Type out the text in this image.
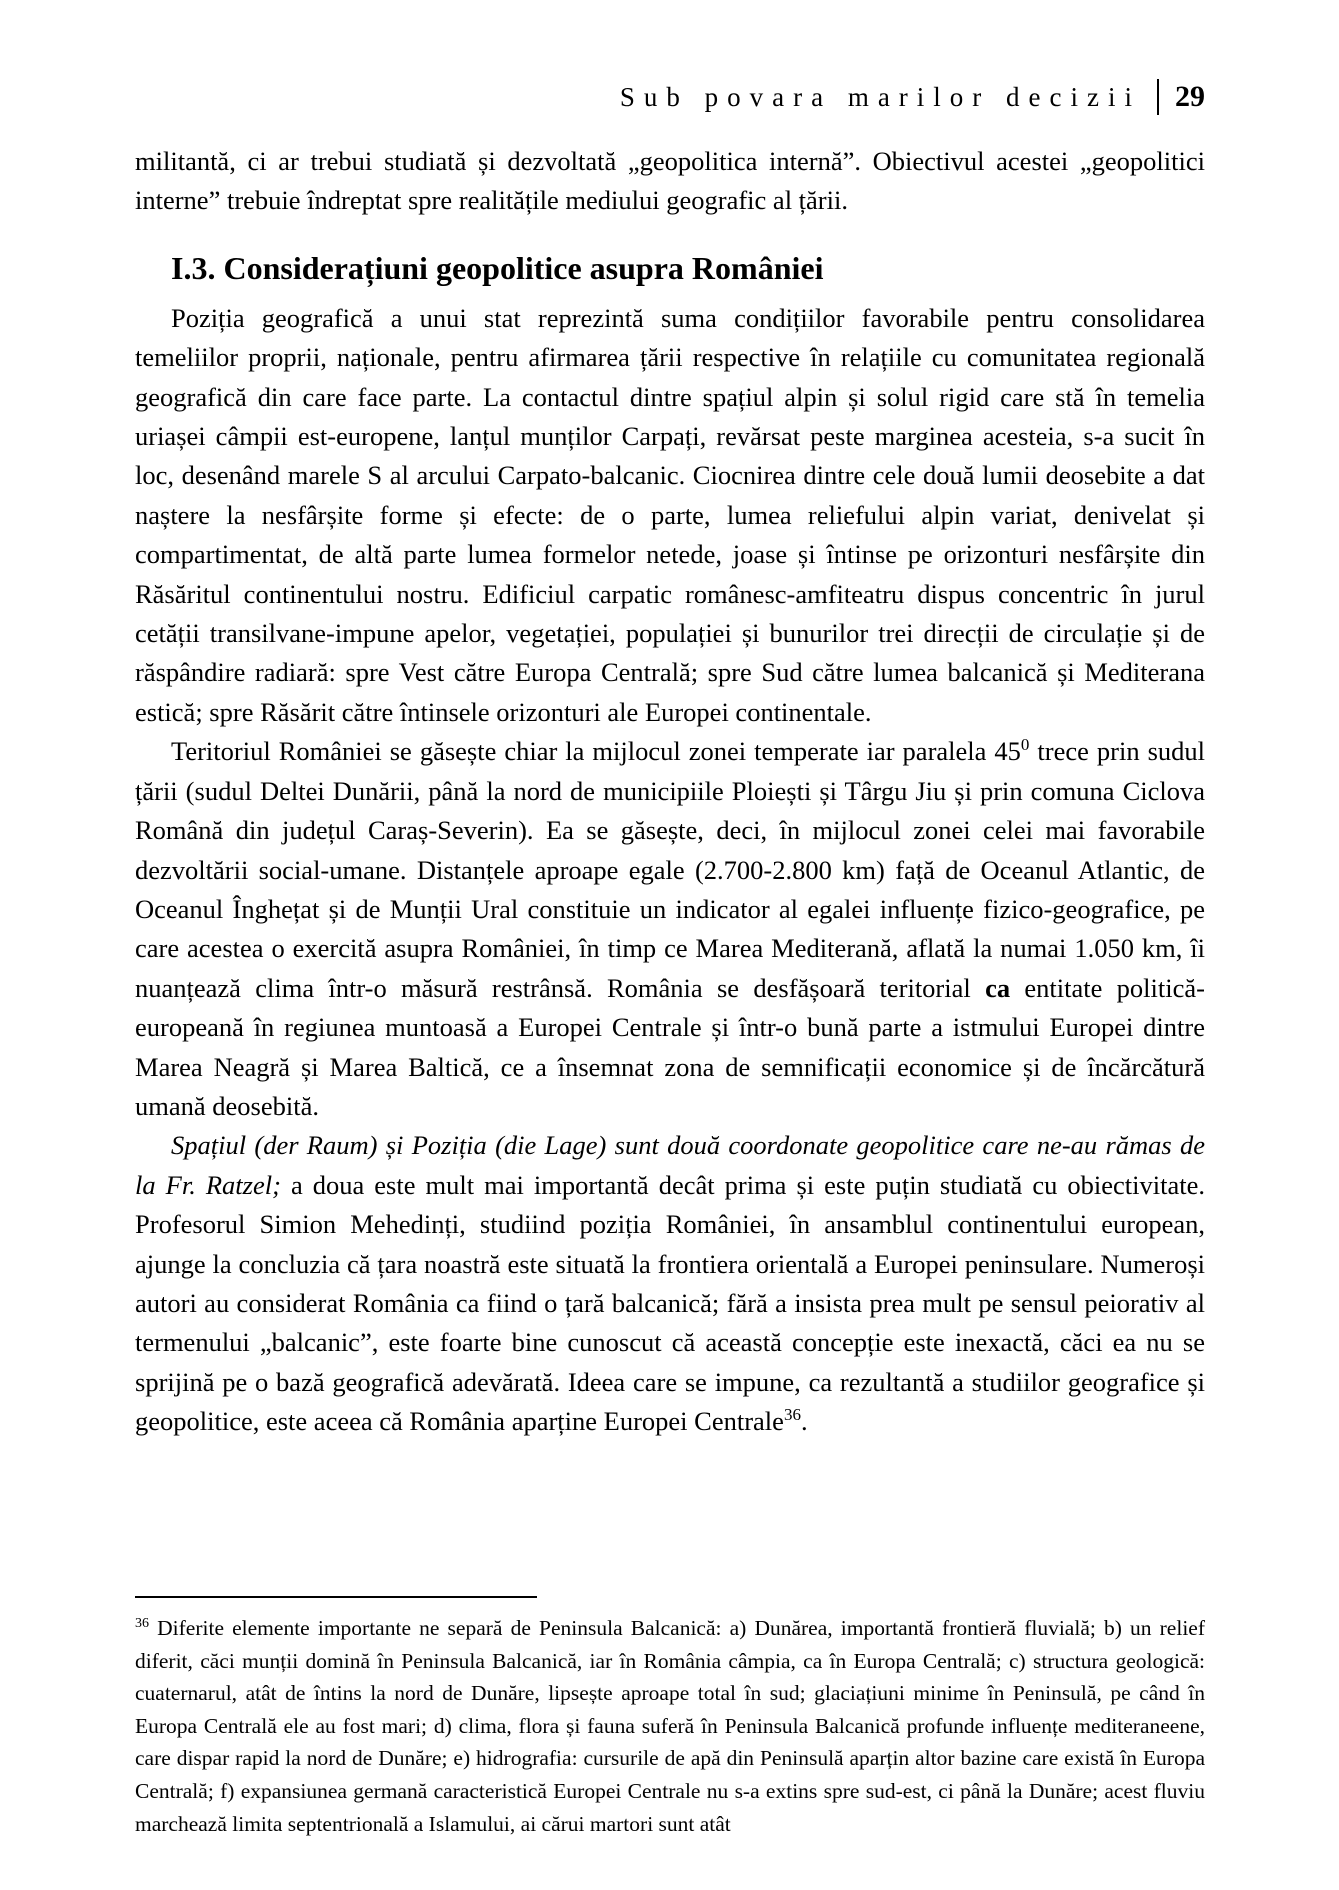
Sub povara marilor decizii 29

militantă, ci ar trebui studiată și dezvoltată „geopolitica internă”. Obiectivul acestei „geopolitici interne” trebuie îndreptat spre realitățile mediului geografic al țării.

I.3. Considerațiuni geopolitice asupra României

Poziția geografică a unui stat reprezintă suma condițiilor favorabile pentru consolidarea temeliilor proprii, naționale, pentru afirmarea țării respective în relațiile cu comunitatea regională geografică din care face parte. La contactul dintre spațiul alpin și solul rigid care stă în temelia uriașei câmpii est-europene, lanțul munților Carpați, revărsat peste marginea acesteia, s-a sucit în loc, desenând marele S al arcului Carpato-balcanic. Ciocnirea dintre cele două lumii deosebite a dat naștere la nesfârșite forme și efecte: de o parte, lumea reliefului alpin variat, denivelat și compartimentat, de altă parte lumea formelor netede, joase și întinse pe orizonturi nesfârșite din Răsăritul continentului nostru. Edificiul carpatic românesc-amfiteatru dispus concentric în jurul cetății transilvane-impune apelor, vegetației, populației și bunurilor trei direcții de circulație și de răspândire radiară: spre Vest către Europa Centrală; spre Sud către lumea balcanică și Mediterana estică; spre Răsărit către întinsele orizonturi ale Europei continentale.

Teritoriul României se găsește chiar la mijlocul zonei temperate iar paralela $45^0$ trece prin sudul țării (sudul Deltei Dunării, până la nord de municipiile Ploiești și Târgu Jiu și prin comuna Ciclova Română din județul Caraș-Severin). Ea se găsește, deci, în mijlocul zonei celei mai favorabile dezvoltării social-umane. Distanțele aproape egale (2.700-2.800 km) față de Oceanul Atlantic, de Oceanul Înghețat și de Munții Ural constituie un indicator al egalei influențe fizico-geografice, pe care acestea o exercită asupra României, în timp ce Marea Mediterană, aflată la numai 1.050 km, îi nuanțează clima într-o măsură restrânsă. România se desfășoară teritorial ca entitate politică-europeană în regiunea muntoasă a Europei Centrale și într-o bună parte a istmului Europei dintre Marea Neagră și Marea Baltică, ce a însemnat zona de semnificații economice și de încărcătură umană deosebită.

Spațiul (der Raum) și Poziția (die Lage) sunt două coordonate geopolitice care ne-au rămas de la Fr. Ratzel; a doua este mult mai importantă decât prima și este puțin studiată cu obiectivitate. Profesorul Simion Mehedinți, studiind poziția României, în ansamblul continentului european, ajunge la concluzia că țara noastră este situată la frontiera orientală a Europei peninsulare. Numeroși autori au considerat România ca fiind o țară balcanică; fără a insista prea mult pe sensul peiorativ al termenului „balcanic”, este foarte bine cunoscut că această concepție este inexactă, căci ea nu se sprijină pe o bază geografică adevărată. Ideea care se impune, ca rezultantă a studiilor geografice și geopolitice, este aceea că România aparține Europei Centrale$^{36}$.

$^{36}$ Diferite elemente importante ne separă de Peninsula Balcanică: a) Dunărea, importantă frontieră fluvială; b) un relief diferit, căci munții domină în Peninsula Balcanică, iar în România câmpia, ca în Europa Centrală; c) structura geologică: cuaternarul, atât de întins la nord de Dunăre, lipsește aproape total în sud; glaciațiuni minime în Peninsulă, pe când în Europa Centrală ele au fost mari; d) clima, flora și fauna suferă în Peninsula Balcanică profunde influențe mediteraneene, care dispar rapid la nord de Dunăre; e) hidrografia: cursurile de apă din Peninsulă aparțin altor bazine care există în Europa Centrală; f) expansiunea germană caracteristică Europei Centrale nu s-a extins spre sud-est, ci până la Dunăre; acest fluviu marchează limita septentrională a Islamului, ai cărui martori sunt atât
